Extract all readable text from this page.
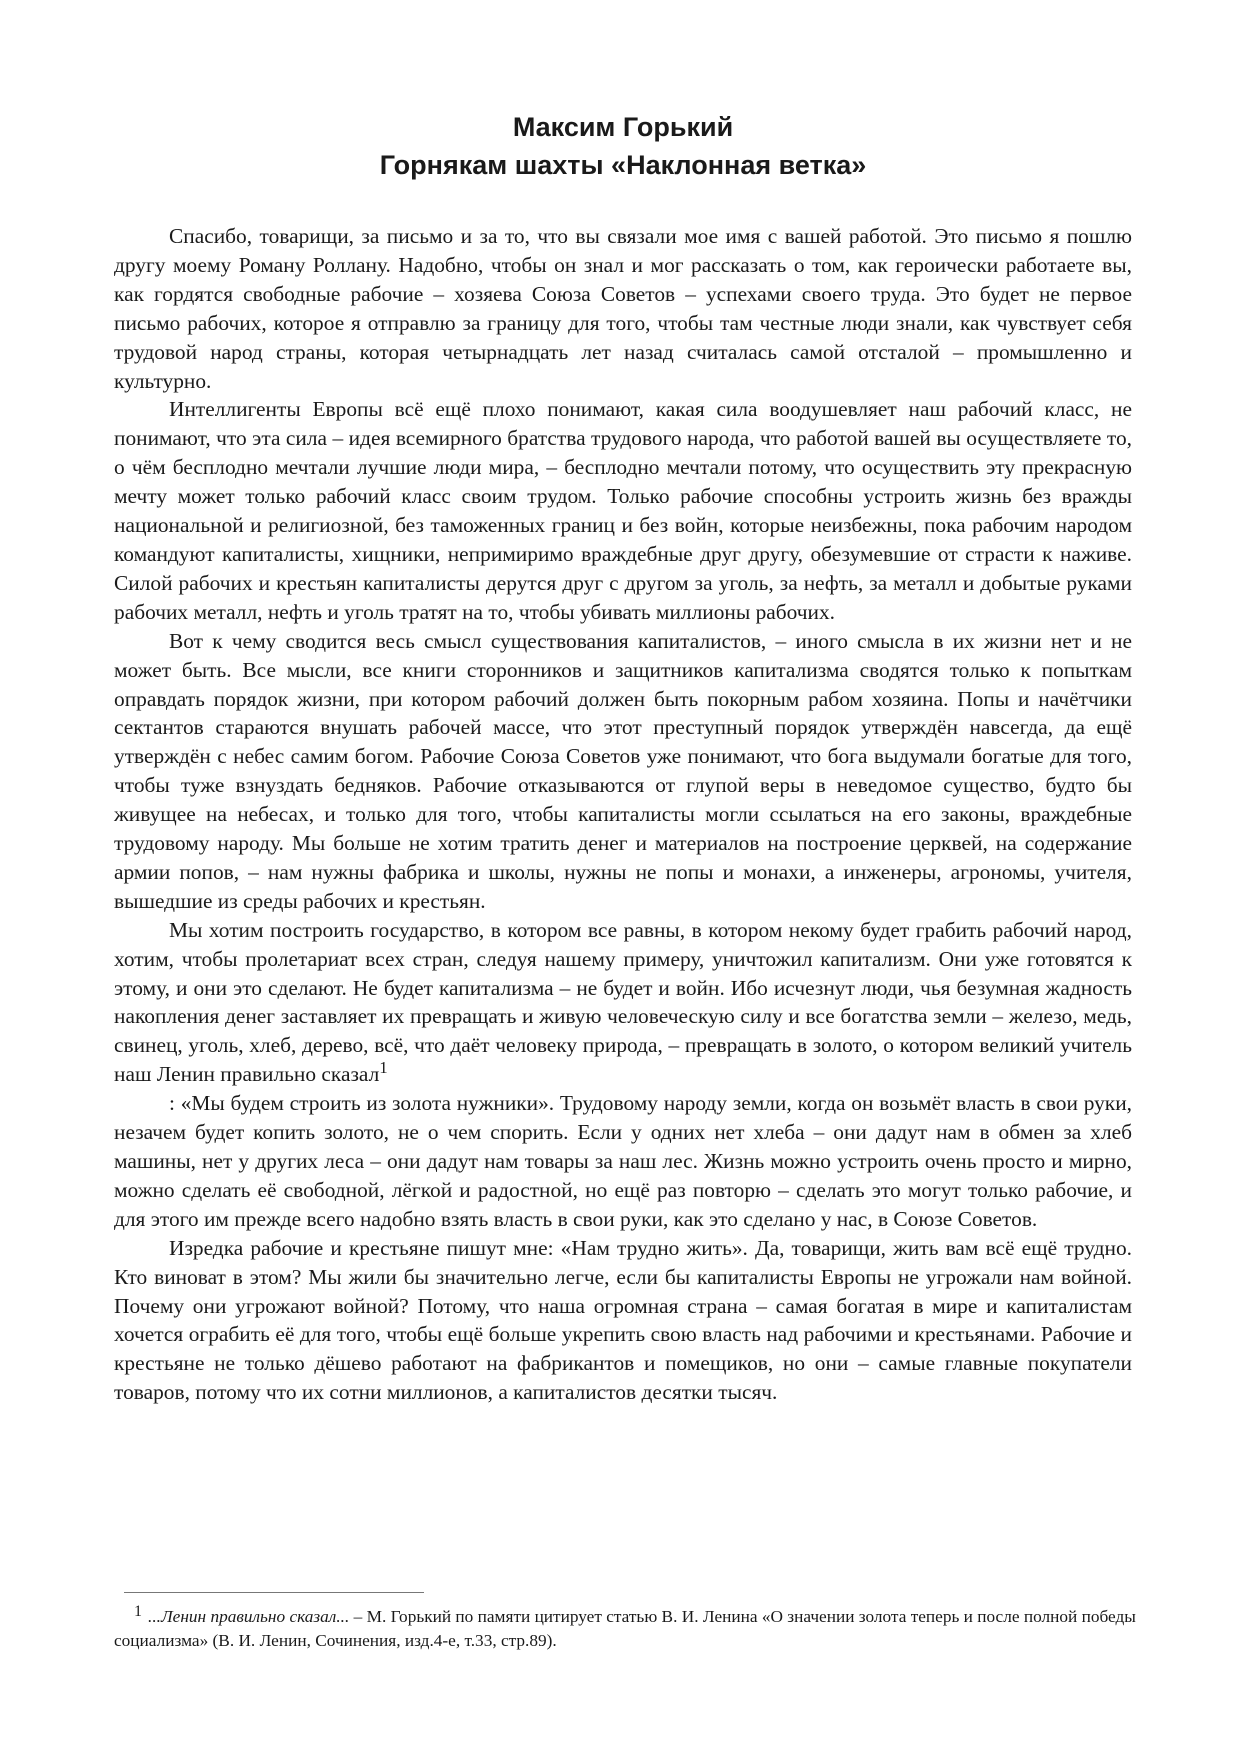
Максим Горький
Горнякам шахты «Наклонная ветка»

Спасибо, товарищи, за письмо и за то, что вы связали мое имя с вашей работой. Это письмо я пошлю другу моему Роману Роллану. Надобно, чтобы он знал и мог рассказать о том, как героически работаете вы, как гордятся свободные рабочие – хозяева Союза Советов – успехами своего труда. Это будет не первое письмо рабочих, которое я отправлю за границу для того, чтобы там честные люди знали, как чувствует себя трудовой народ страны, которая четырнадцать лет назад считалась самой отсталой – промышленно и культурно.

Интеллигенты Европы всё ещё плохо понимают, какая сила воодушевляет наш рабочий класс, не понимают, что эта сила – идея всемирного братства трудового народа, что работой вашей вы осуществляете то, о чём бесплодно мечтали лучшие люди мира, – бесплодно мечтали потому, что осуществить эту прекрасную мечту может только рабочий класс своим трудом. Только рабочие способны устроить жизнь без вражды национальной и религиозной, без таможенных границ и без войн, которые неизбежны, пока рабочим народом командуют капиталисты, хищники, непримиримо враждебные друг другу, обезумевшие от страсти к наживе. Силой рабочих и крестьян капиталисты дерутся друг с другом за уголь, за нефть, за металл и добытые руками рабочих металл, нефть и уголь тратят на то, чтобы убивать миллионы рабочих.

Вот к чему сводится весь смысл существования капиталистов, – иного смысла в их жизни нет и не может быть. Все мысли, все книги сторонников и защитников капитализма сводятся только к попыткам оправдать порядок жизни, при котором рабочий должен быть покорным рабом хозяина. Попы и начётчики сектантов стараются внушать рабочей массе, что этот преступный порядок утверждён навсегда, да ещё утверждён с небес самим богом. Рабочие Союза Советов уже понимают, что бога выдумали богатые для того, чтобы туже взнуздать бедняков. Рабочие отказываются от глупой веры в неведомое существо, будто бы живущее на небесах, и только для того, чтобы капиталисты могли ссылаться на его законы, враждебные трудовому народу. Мы больше не хотим тратить денег и материалов на построение церквей, на содержание армии попов, – нам нужны фабрика и школы, нужны не попы и монахи, а инженеры, агрономы, учителя, вышедшие из среды рабочих и крестьян.

Мы хотим построить государство, в котором все равны, в котором некому будет грабить рабочий народ, хотим, чтобы пролетариат всех стран, следуя нашему примеру, уничтожил капитализм. Они уже готовятся к этому, и они это сделают. Не будет капитализма – не будет и войн. Ибо исчезнут люди, чья безумная жадность накопления денег заставляет их превращать и живую человеческую силу и все богатства земли – железо, медь, свинец, уголь, хлеб, дерево, всё, что даёт человеку природа, – превращать в золото, о котором великий учитель наш Ленин правильно сказал$^1$

: «Мы будем строить из золота нужники». Трудовому народу земли, когда он возьмёт власть в свои руки, незачем будет копить золото, не о чем спорить. Если у одних нет хлеба – они дадут нам в обмен за хлеб машины, нет у других леса – они дадут нам товары за наш лес. Жизнь можно устроить очень просто и мирно, можно сделать её свободной, лёгкой и радостной, но ещё раз повторю – сделать это могут только рабочие, и для этого им прежде всего надобно взять власть в свои руки, как это сделано у нас, в Союзе Советов.

Изредка рабочие и крестьяне пишут мне: «Нам трудно жить». Да, товарищи, жить вам всё ещё трудно. Кто виноват в этом? Мы жили бы значительно легче, если бы капиталисты Европы не угрожали нам войной. Почему они угрожают войной? Потому, что наша огромная страна – самая богатая в мире и капиталистам хочется ограбить её для того, чтобы ещё больше укрепить свою власть над рабочими и крестьянами. Рабочие и крестьяне не только дёшево работают на фабрикантов и помещиков, но они – самые главные покупатели товаров, потому что их сотни миллионов, а капиталистов десятки тысяч.

1 ...Ленин правильно сказал... – М. Горький по памяти цитирует статью В. И. Ленина «О значении золота теперь и после полной победы социализма» (В. И. Ленин, Сочинения, изд.4-е, т.33, стр.89).
